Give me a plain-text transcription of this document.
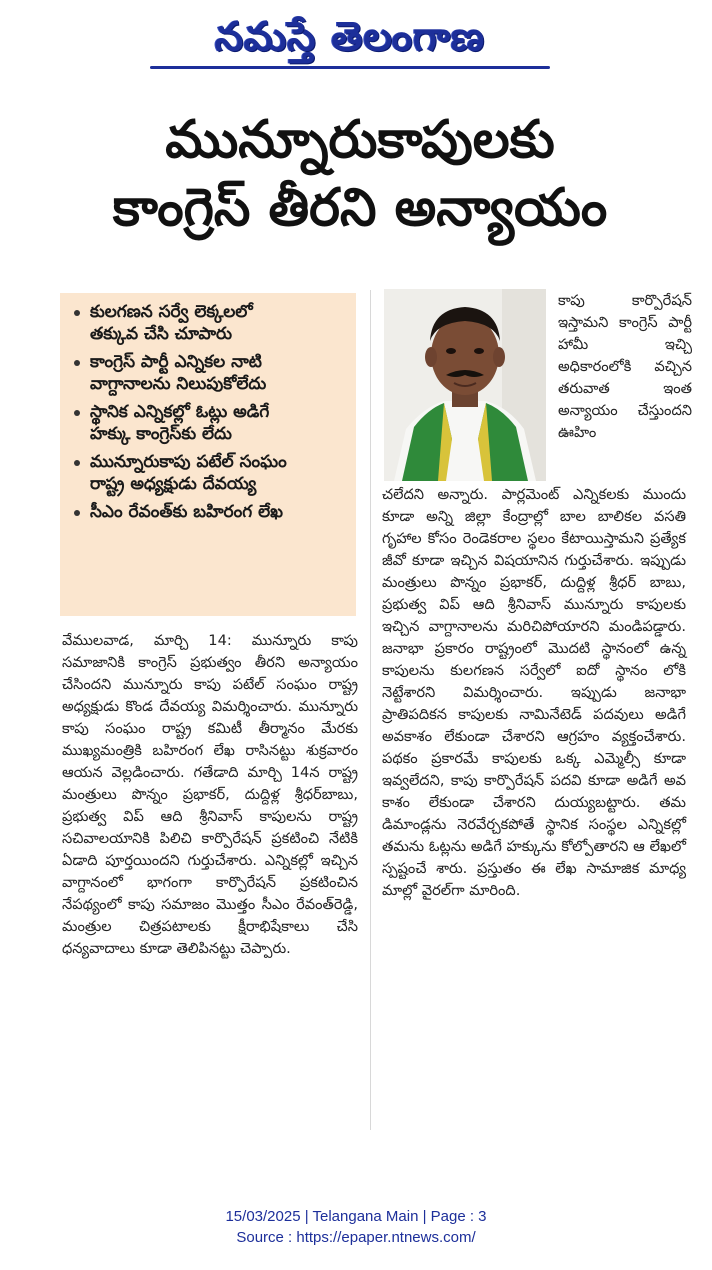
నమస్తే తెలంగాణ
మున్నూరుకాపులకు
కాంగ్రెస్ తీరని అన్యాయం
కులగణన సర్వే లెక్కలలో
తక్కువ చేసి చూపారు
కాంగ్రెస్ పార్టీ ఎన్నికల నాటి
వాగ్దానాలను నిలుపుకోలేదు
స్థానిక ఎన్నికల్లో ఓట్లు అడిగే
హక్కు కాంగ్రెస్‌కు లేదు
మున్నూరుకాపు పటేల్ సంఘం
రాష్ట్ర అధ్యక్షుడు దేవయ్య
సీఎం రేవంత్‌కు బహిరంగ లేఖ

వేములవాడ, మార్చి 14: మున్నూరు కాపు సమాజానికి కాంగ్రెస్ ప్రభుత్వం తీరని అన్యాయం చేసిందని మున్నూరు కాపు పటేల్ సంఘం రాష్ట్ర అధ్యక్షుడు కొండ దేవయ్య విమర్శించారు. మున్నూరు కాపు సంఘం రాష్ట్ర కమిటీ తీర్మానం మేరకు ముఖ్యమంత్రికి బహిరంగ లేఖ రాసినట్టు శుక్రవారం ఆయన వెల్లడించారు. గతేడాది మార్చి 14న రాష్ట్ర మంత్రులు పొన్నం ప్రభాకర్, దుద్దిళ్ల శ్రీధర్‌బాబు, ప్రభుత్వ విప్ ఆది శ్రీనివాస్ కాపులను రాష్ట్ర సచివాలయానికి పిలిచి కార్పొరేషన్ ప్రకటించి నేటికి ఏడాది పూర్తయిందని గుర్తుచేశారు. ఎన్నికల్లో ఇచ్చిన వాగ్దానంలో భాగంగా కార్పొరేషన్ ప్రకటించిన నేపథ్యంలో కాపు సమాజం మొత్తం సీఎం రేవంత్‌రెడ్డి, మంత్రుల చిత్రపటాలకు క్షీరాభిషేకాలు చేసి ధన్యవాదాలు కూడా తెలిపినట్టు చెప్పారు.

కాపు కార్పొరేషన్ ఇస్తామని కాంగ్రెస్ పార్టీ హామీ ఇచ్చి అధికారంలోకి వచ్చిన తరువాత ఇంత అన్యాయం చేస్తుందని ఊహిం

చలేదని అన్నారు. పార్లమెంట్ ఎన్నికలకు ముందు కూడా అన్ని జిల్లా కేంద్రాల్లో బాల బాలికల వసతి గృహాల కోసం రెండెకరాల స్థలం కేటాయిస్తామని ప్రత్యేక జీవో కూడా ఇచ్చిన విషయానిన గుర్తుచేశారు. ఇప్పుడు మంత్రులు పొన్నం ప్రభాకర్, దుద్దిళ్ల శ్రీధర్ బాబు, ప్రభుత్వ విప్ ఆది శ్రీనివాస్ మున్నూరు కాపులకు ఇచ్చిన వాగ్దానాలను మరిచిపోయారని మండిపడ్డారు. జనాభా ప్రకారం రాష్ట్రంలో మొదటి స్థానంలో ఉన్న కాపులను కులగణన సర్వేలో ఐదో స్థానం లోకి నెట్టేశారని విమర్శించారు. ఇప్పుడు జనాభా ప్రాతిపదికన కాపులకు నామినేటెడ్ పదవులు అడిగే అవకాశం లేకుండా చేశారని ఆగ్రహం వ్యక్తంచేశారు. పథకం ప్రకారమే కాపులకు ఒక్క ఎమ్మెల్సీ కూడా ఇవ్వలేదని, కాపు కార్పొరేషన్ పదవి కూడా అడిగే అవ కాశం లేకుండా చేశారని దుయ్యబట్టారు. తమ డిమాండ్లను నెరవేర్చకపోతే స్థానిక సంస్థల ఎన్నికల్లో తమను ఓట్లను అడిగే హక్కును కోల్పోతారని ఆ లేఖలో స్పష్టంచే శారు. ప్రస్తుతం ఈ లేఖ సామాజిక మాధ్య మాల్లో వైరల్‌గా మారింది.

15/03/2025 | Telangana Main | Page : 3
Source : https://epaper.ntnews.com/
